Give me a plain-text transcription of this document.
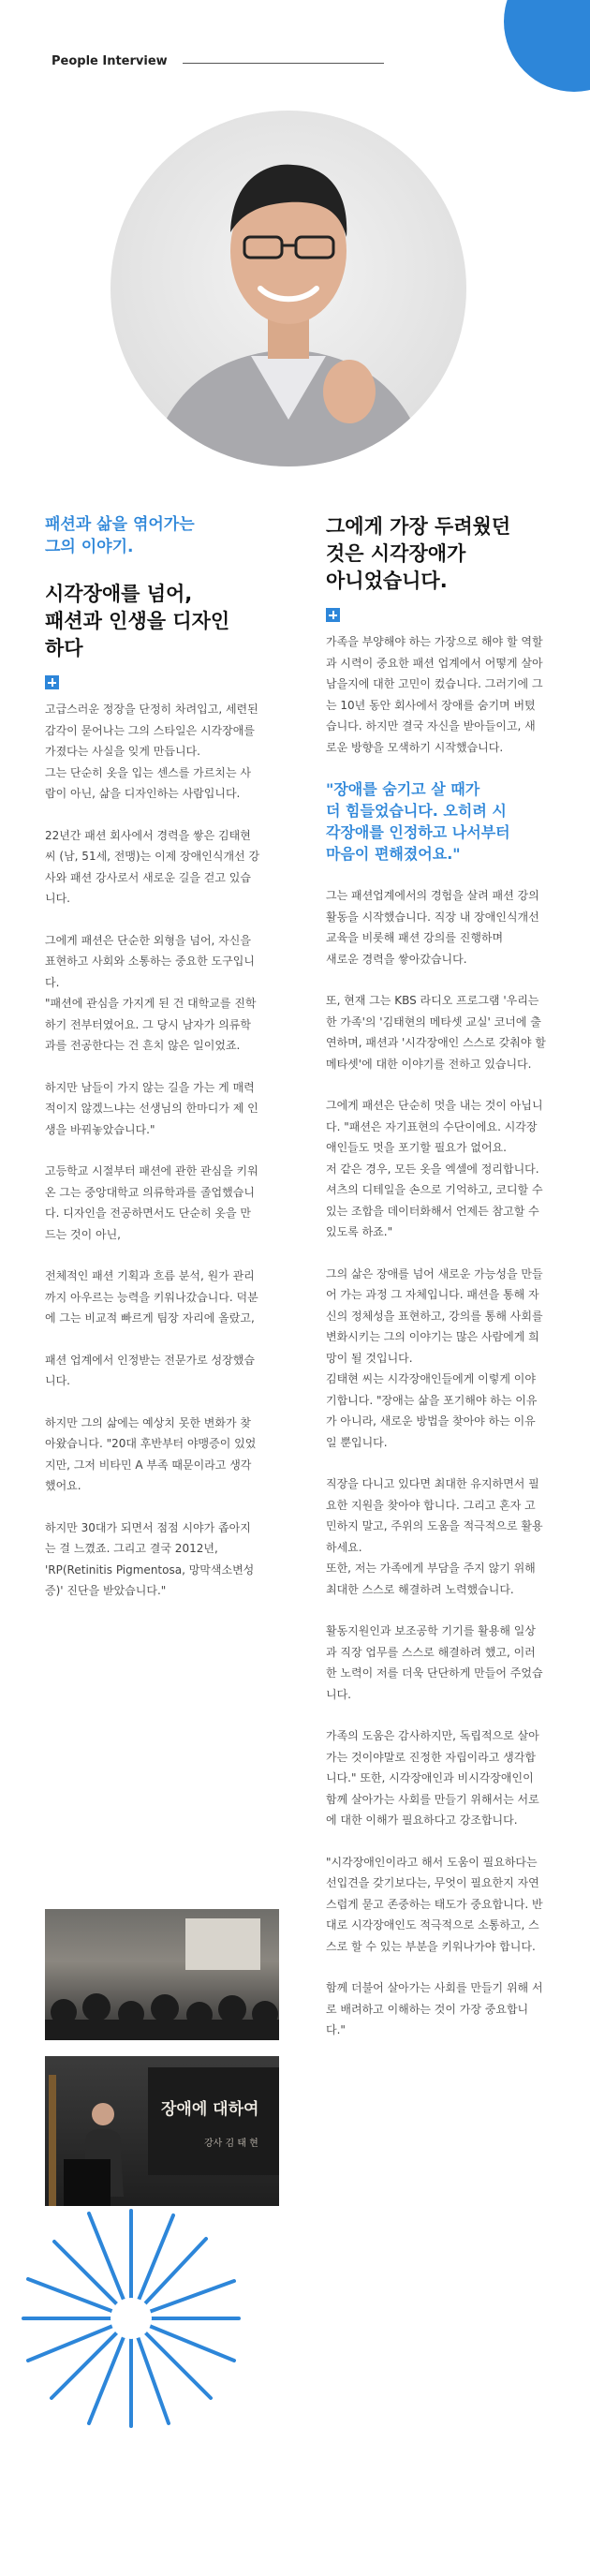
People Interview
패션과 삶을 엮어가는
그의 이야기.
시각장애를 넘어,
패션과 인생을 디자인
하다

고급스러운 정장을 단정히 차려입고, 세련된 감각이 묻어나는 그의 스타일은 시각장애를 가졌다는 사실을 잊게 만듭니다.
그는 단순히 옷을 입는 센스를 가르치는 사람이 아닌, 삶을 디자인하는 사람입니다.

22년간 패션 회사에서 경력을 쌓은 김태현 씨 (남, 51세, 전맹)는 이제 장애인식개선 강사와 패션 강사로서 새로운 길을 걷고 있습니다.

그에게 패션은 단순한 외형을 넘어, 자신을 표현하고 사회와 소통하는 중요한 도구입니다.
"패션에 관심을 가지게 된 건 대학교를 진학하기 전부터였어요. 그 당시 남자가 의류학과를 전공한다는 건 흔치 않은 일이었죠.

하지만 남들이 가지 않는 길을 가는 게 매력적이지 않겠느냐는 선생님의 한마디가 제 인생을 바꿔놓았습니다."

고등학교 시절부터 패션에 관한 관심을 키워온 그는 중앙대학교 의류학과를 졸업했습니다. 디자인을 전공하면서도 단순히 옷을 만드는 것이 아닌,

전체적인 패션 기획과 흐름 분석, 원가 관리까지 아우르는 능력을 키워나갔습니다. 덕분에 그는 비교적 빠르게 팀장 자리에 올랐고,

패션 업계에서 인정받는 전문가로 성장했습니다.

하지만 그의 삶에는 예상치 못한 변화가 찾아왔습니다. "20대 후반부터 야맹증이 있었지만, 그저 비타민 A 부족 때문이라고 생각했어요.

하지만 30대가 되면서 점점 시야가 좁아지는 걸 느꼈죠. 그리고 결국 2012년, 'RP(Retinitis Pigmentosa, 망막색소변성증)' 진단을 받았습니다."

그에게 가장 두려웠던
것은 시각장애가
아니었습니다.

가족을 부양해야 하는 가장으로 해야 할 역할과 시력이 중요한 패션 업계에서 어떻게 살아남을지에 대한 고민이 컸습니다. 그러기에 그는 10년 동안 회사에서 장애를 숨기며 버텼습니다. 하지만 결국 자신을 받아들이고, 새로운 방향을 모색하기 시작했습니다.

"장애를 숨기고 살 때가
더 힘들었습니다. 오히려 시
각장애를 인정하고 나서부터
마음이 편해졌어요."

그는 패션업계에서의 경험을 살려 패션 강의 활동을 시작했습니다. 직장 내 장애인식개선교육을 비롯해 패션 강의를 진행하며
새로운 경력을 쌓아갔습니다.

또, 현재 그는 KBS 라디오 프로그램 '우리는 한 가족'의 '김태현의 메타셋 교실' 코너에 출연하며, 패션과 '시각장애인 스스로 갖춰야 할 메타셋'에 대한 이야기를 전하고 있습니다.

그에게 패션은 단순히 멋을 내는 것이 아닙니다. "패션은 자기표현의 수단이에요. 시각장애인들도 멋을 포기할 필요가 없어요.
저 같은 경우, 모든 옷을 엑셀에 정리합니다. 셔츠의 디테일을 손으로 기억하고, 코디할 수 있는 조합을 데이터화해서 언제든 참고할 수 있도록 하죠."

그의 삶은 장애를 넘어 새로운 가능성을 만들어 가는 과정 그 자체입니다. 패션을 통해 자신의 정체성을 표현하고, 강의를 통해 사회를 변화시키는 그의 이야기는 많은 사람에게 희망이 될 것입니다.
김태현 씨는 시각장애인들에게 이렇게 이야기합니다. "장애는 삶을 포기해야 하는 이유가 아니라, 새로운 방법을 찾아야 하는 이유일 뿐입니다.

직장을 다니고 있다면 최대한 유지하면서 필요한 지원을 찾아야 합니다. 그리고 혼자 고민하지 말고, 주위의 도움을 적극적으로 활용하세요.
또한, 저는 가족에게 부담을 주지 않기 위해 최대한 스스로 해결하려 노력했습니다.

활동지원인과 보조공학 기기를 활용해 일상과 직장 업무를 스스로 해결하려 했고, 이러한 노력이 저를 더욱 단단하게 만들어 주었습니다.

가족의 도움은 감사하지만, 독립적으로 살아가는 것이야말로 진정한 자립이라고 생각합니다." 또한, 시각장애인과 비시각장애인이 함께 살아가는 사회를 만들기 위해서는 서로에 대한 이해가 필요하다고 강조합니다.

"시각장애인이라고 해서 도움이 필요하다는 선입견을 갖기보다는, 무엇이 필요한지 자연스럽게 묻고 존중하는 태도가 중요합니다. 반대로 시각장애인도 적극적으로 소통하고, 스스로 할 수 있는 부분을 키워나가야 합니다.

함께 더불어 살아가는 사회를 만들기 위해 서로 배려하고 이해하는 것이 가장 중요합니다."

장애에 대하여
강사 김 태 현
